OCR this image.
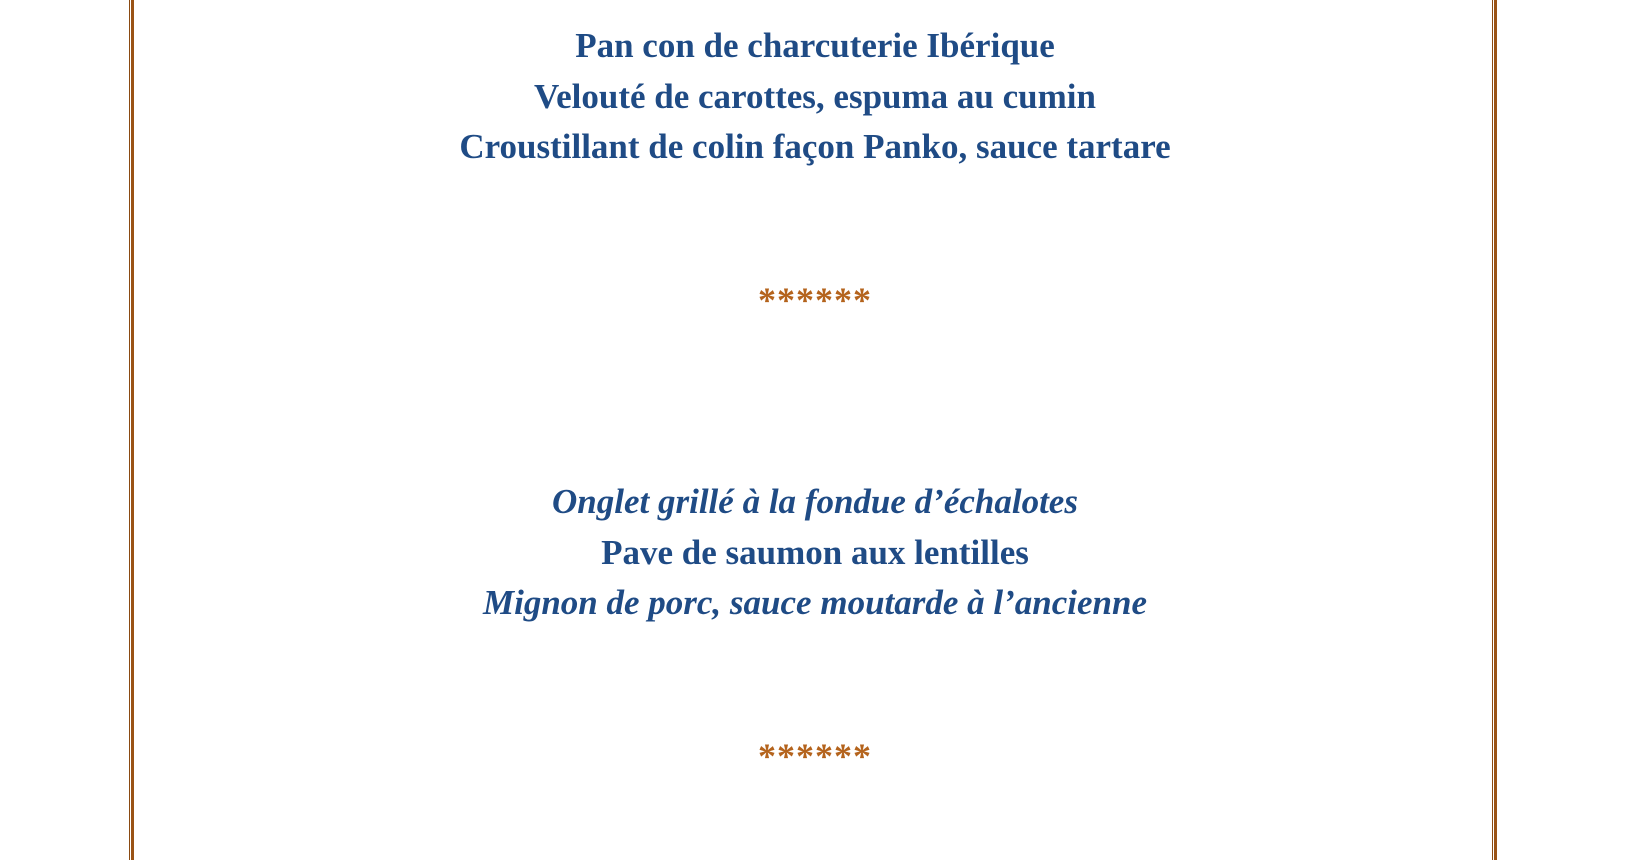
Pan con de charcuterie Ibérique
Velouté de carottes, espuma au cumin
Croustillant de colin façon Panko, sauce tartare
******
Onglet grillé à la fondue d’échalotes
Pave de saumon aux lentilles
Mignon de porc, sauce moutarde à l’ancienne
******
